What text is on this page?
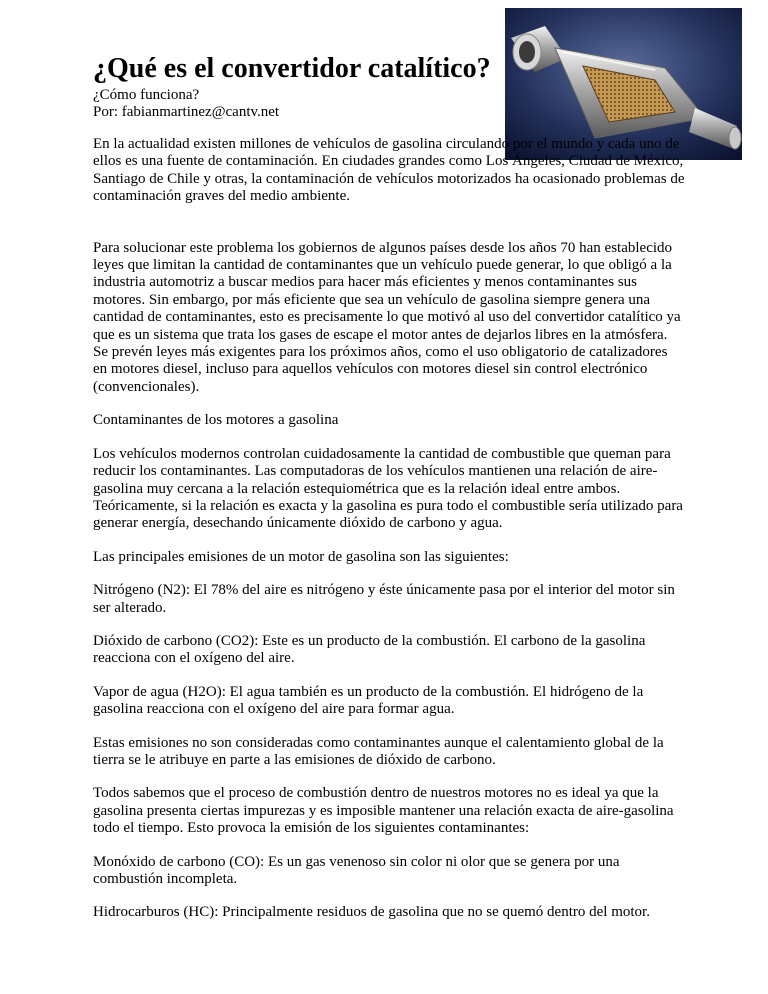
¿Qué es el convertidor catalítico?
¿Cómo funciona?
Por: fabianmartinez@cantv.net

En la actualidad existen millones de vehículos de gasolina circulando por el mundo y cada uno de ellos es una fuente de contaminación. En ciudades grandes como Los Ángeles, Ciudad de México, Santiago de Chile y otras, la contaminación de vehículos motorizados ha ocasionado problemas de contaminación graves del medio ambiente.

Para solucionar este problema los gobiernos de algunos países desde los años 70 han establecido leyes que limitan la cantidad de contaminantes que un vehículo puede generar, lo que obligó a la industria automotriz a buscar medios para hacer más eficientes y menos contaminantes sus motores. Sin embargo, por más eficiente que sea un vehículo de gasolina siempre genera una cantidad de contaminantes, esto es precisamente lo que motivó al uso del convertidor catalítico ya que es un sistema que trata los gases de escape el motor antes de dejarlos libres en la atmósfera.

Se prevén leyes más exigentes para los próximos años, como el uso obligatorio de catalizadores en motores diesel, incluso para aquellos vehículos con motores diesel sin control electrónico (convencionales).

Contaminantes de los motores a gasolina

Los vehículos modernos controlan cuidadosamente la cantidad de combustible que queman para reducir los contaminantes. Las computadoras de los vehículos mantienen una relación de aire-gasolina muy cercana a la relación estequiométrica que es la relación ideal entre ambos. Teóricamente, si la relación es exacta y la gasolina es pura todo el combustible sería utilizado para generar energía, desechando únicamente dióxido de carbono y agua.

Las principales emisiones de un motor de gasolina son las siguientes:

Nitrógeno (N2): El 78% del aire es nitrógeno y éste únicamente pasa por el interior del motor sin ser alterado.

Dióxido de carbono (CO2): Este es un producto de la combustión. El carbono de la gasolina reacciona con el oxígeno del aire.

Vapor de agua (H2O): El agua también es un producto de la combustión. El hidrógeno de la gasolina reacciona con el oxígeno del aire para formar agua.

Estas emisiones no son consideradas como contaminantes aunque el calentamiento global de la tierra se le atribuye en parte a las emisiones de dióxido de carbono.

Todos sabemos que el proceso de combustión dentro de nuestros motores no es ideal ya que la gasolina presenta ciertas impurezas y es imposible mantener una relación exacta de aire-gasolina todo el tiempo. Esto provoca la emisión de los siguientes contaminantes:

Monóxido de carbono (CO): Es un gas venenoso sin color ni olor que se genera por una combustión incompleta.

Hidrocarburos (HC): Principalmente residuos de gasolina que no se quemó dentro del motor.
